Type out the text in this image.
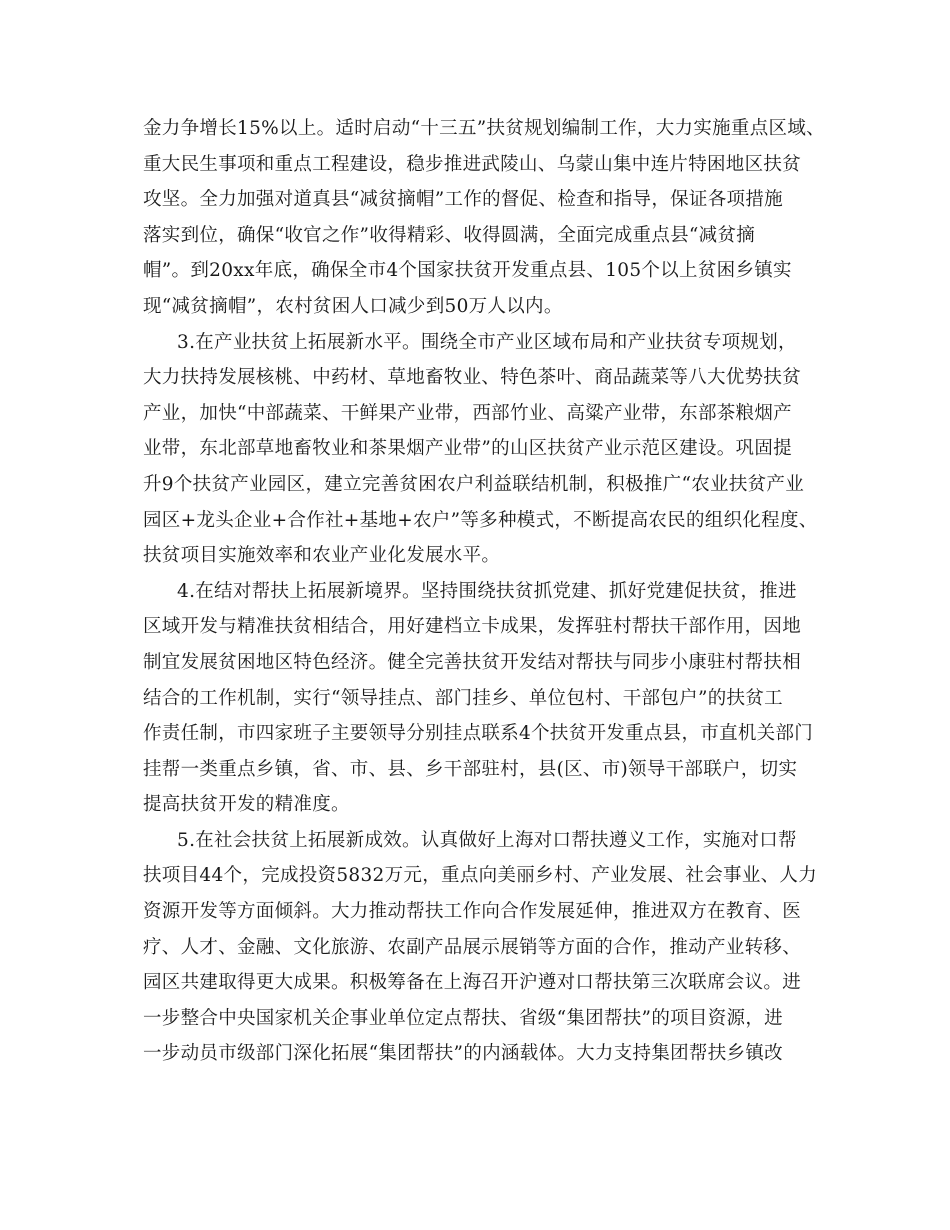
金力争增长15%以上。适时启动“十三五”扶贫规划编制工作，大力实施重点区域、

重大民生事项和重点工程建设，稳步推进武陵山、乌蒙山集中连片特困地区扶贫

攻坚。全力加强对道真县“减贫摘帽”工作的督促、检查和指导，保证各项措施

落实到位，确保“收官之作”收得精彩、收得圆满，全面完成重点县“减贫摘

帽”。到20xx年底，确保全市4个国家扶贫开发重点县、105个以上贫困乡镇实

现“减贫摘帽”，农村贫困人口减少到50万人以内。

3.在产业扶贫上拓展新水平。围绕全市产业区域布局和产业扶贫专项规划，

大力扶持发展核桃、中药材、草地畜牧业、特色茶叶、商品蔬菜等八大优势扶贫

产业，加快“中部蔬菜、干鲜果产业带，西部竹业、高粱产业带，东部茶粮烟产

业带，东北部草地畜牧业和茶果烟产业带”的山区扶贫产业示范区建设。巩固提

升9个扶贫产业园区，建立完善贫困农户利益联结机制，积极推广“农业扶贫产业

园区+龙头企业+合作社+基地+农户”等多种模式，不断提高农民的组织化程度、

扶贫项目实施效率和农业产业化发展水平。

4.在结对帮扶上拓展新境界。坚持围绕扶贫抓党建、抓好党建促扶贫，推进

区域开发与精准扶贫相结合，用好建档立卡成果，发挥驻村帮扶干部作用，因地

制宜发展贫困地区特色经济。健全完善扶贫开发结对帮扶与同步小康驻村帮扶相

结合的工作机制，实行“领导挂点、部门挂乡、单位包村、干部包户”的扶贫工

作责任制，市四家班子主要领导分别挂点联系4个扶贫开发重点县，市直机关部门

挂帮一类重点乡镇，省、市、县、乡干部驻村，县(区、市)领导干部联户，切实

提高扶贫开发的精准度。

5.在社会扶贫上拓展新成效。认真做好上海对口帮扶遵义工作，实施对口帮

扶项目44个，完成投资5832万元，重点向美丽乡村、产业发展、社会事业、人力

资源开发等方面倾斜。大力推动帮扶工作向合作发展延伸，推进双方在教育、医

疗、人才、金融、文化旅游、农副产品展示展销等方面的合作，推动产业转移、

园区共建取得更大成果。积极筹备在上海召开沪遵对口帮扶第三次联席会议。进

一步整合中央国家机关企事业单位定点帮扶、省级“集团帮扶”的项目资源，进

一步动员市级部门深化拓展“集团帮扶”的内涵载体。大力支持集团帮扶乡镇改
